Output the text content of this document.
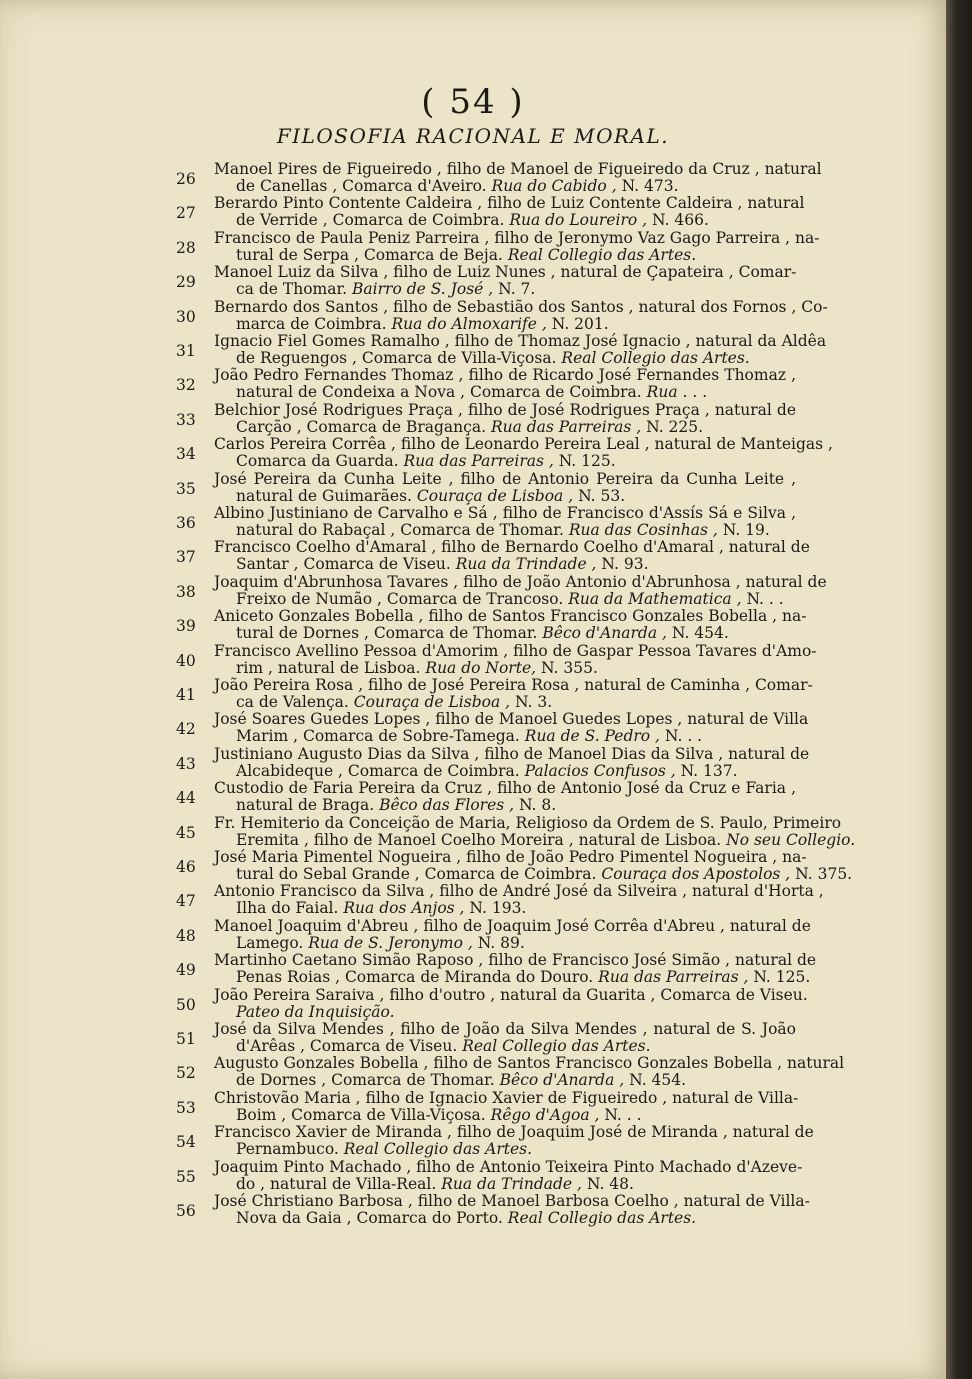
( 54 )
FILOSOFIA RACIONAL E MORAL.
26
Manoel Pires de Figueiredo , filho de Manoel de Figueiredo da Cruz , natural
de Canellas , Comarca d'Aveiro. Rua do Cabido , N. 473.
27
Berardo Pinto Contente Caldeira , filho de Luiz Contente Caldeira , natural
de Verride , Comarca de Coimbra. Rua do Loureiro , N. 466.
28
Francisco de Paula Peniz Parreira , filho de Jeronymo Vaz Gago Parreira , na-
tural de Serpa , Comarca de Beja. Real Collegio das Artes.
29
Manoel Luiz da Silva , filho de Luiz Nunes , natural de Çapateira , Comar-
ca de Thomar. Bairro de S. José , N. 7.
30
Bernardo dos Santos , filho de Sebastião dos Santos , natural dos Fornos , Co-
marca de Coimbra. Rua do Almoxarife , N. 201.
31
Ignacio Fiel Gomes Ramalho , filho de Thomaz José Ignacio , natural da Aldêa
de Reguengos , Comarca de Villa-Viçosa. Real Collegio das Artes.
32
João Pedro Fernandes Thomaz , filho de Ricardo José Fernandes Thomaz ,
natural de Condeixa a Nova , Comarca de Coimbra. Rua . . .
33
Belchior José Rodrigues Praça , filho de José Rodrigues Praça , natural de
Carção , Comarca de Bragança. Rua das Parreiras , N. 225.
34
Carlos Pereira Corrêa , filho de Leonardo Pereira Leal , natural de Manteigas ,
Comarca da Guarda. Rua das Parreiras , N. 125.
35
José Pereira da Cunha Leite , filho de Antonio Pereira da Cunha Leite ,
natural de Guimarães. Couraça de Lisboa , N. 53.
36
Albino Justiniano de Carvalho e Sá , filho de Francisco d'Assís Sá e Silva ,
natural do Rabaçal , Comarca de Thomar. Rua das Cosinhas , N. 19.
37
Francisco Coelho d'Amaral , filho de Bernardo Coelho d'Amaral , natural de
Santar , Comarca de Viseu. Rua da Trindade , N. 93.
38
Joaquim d'Abrunhosa Tavares , filho de João Antonio d'Abrunhosa , natural de
Freixo de Numão , Comarca de Trancoso. Rua da Mathematica , N. . .
39
Aniceto Gonzales Bobella , filho de Santos Francisco Gonzales Bobella , na-
tural de Dornes , Comarca de Thomar. Bêco d'Anarda , N. 454.
40
Francisco Avellino Pessoa d'Amorim , filho de Gaspar Pessoa Tavares d'Amo-
rim , natural de Lisboa. Rua do Norte, N. 355.
41
João Pereira Rosa , filho de José Pereira Rosa , natural de Caminha , Comar-
ca de Valença. Couraça de Lisboa , N. 3.
42
José Soares Guedes Lopes , filho de Manoel Guedes Lopes , natural de Villa
Marim , Comarca de Sobre-Tamega. Rua de S. Pedro , N. . .
43
Justiniano Augusto Dias da Silva , filho de Manoel Dias da Silva , natural de
Alcabideque , Comarca de Coimbra. Palacios Confusos , N. 137.
44
Custodio de Faria Pereira da Cruz , filho de Antonio José da Cruz e Faria ,
natural de Braga. Bêco das Flores , N. 8.
45
Fr. Hemiterio da Conceição de Maria, Religioso da Ordem de S. Paulo, Primeiro
Eremita , filho de Manoel Coelho Moreira , natural de Lisboa. No seu Collegio.
46
José Maria Pimentel Nogueira , filho de João Pedro Pimentel Nogueira , na-
tural do Sebal Grande , Comarca de Coimbra. Couraça dos Apostolos , N. 375.
47
Antonio Francisco da Silva , filho de André José da Silveira , natural d'Horta ,
Ilha do Faial. Rua dos Anjos , N. 193.
48
Manoel Joaquim d'Abreu , filho de Joaquim José Corrêa d'Abreu , natural de
Lamego. Rua de S. Jeronymo , N. 89.
49
Martinho Caetano Simão Raposo , filho de Francisco José Simão , natural de
Penas Roias , Comarca de Miranda do Douro. Rua das Parreiras , N. 125.
50
João Pereira Saraiva , filho d'outro , natural da Guarita , Comarca de Viseu.
Pateo da Inquisição.
51
José da Silva Mendes , filho de João da Silva Mendes , natural de S. João
d'Arêas , Comarca de Viseu. Real Collegio das Artes.
52
Augusto Gonzales Bobella , filho de Santos Francisco Gonzales Bobella , natural
de Dornes , Comarca de Thomar. Bêco d'Anarda , N. 454.
53
Christovão Maria , filho de Ignacio Xavier de Figueiredo , natural de Villa-
Boim , Comarca de Villa-Viçosa. Rêgo d'Agoa , N. . .
54
Francisco Xavier de Miranda , filho de Joaquim José de Miranda , natural de
Pernambuco. Real Collegio das Artes.
55
Joaquim Pinto Machado , filho de Antonio Teixeira Pinto Machado d'Azeve-
do , natural de Villa-Real. Rua da Trindade , N. 48.
56
José Christiano Barbosa , filho de Manoel Barbosa Coelho , natural de Villa-
Nova da Gaia , Comarca do Porto. Real Collegio das Artes.
